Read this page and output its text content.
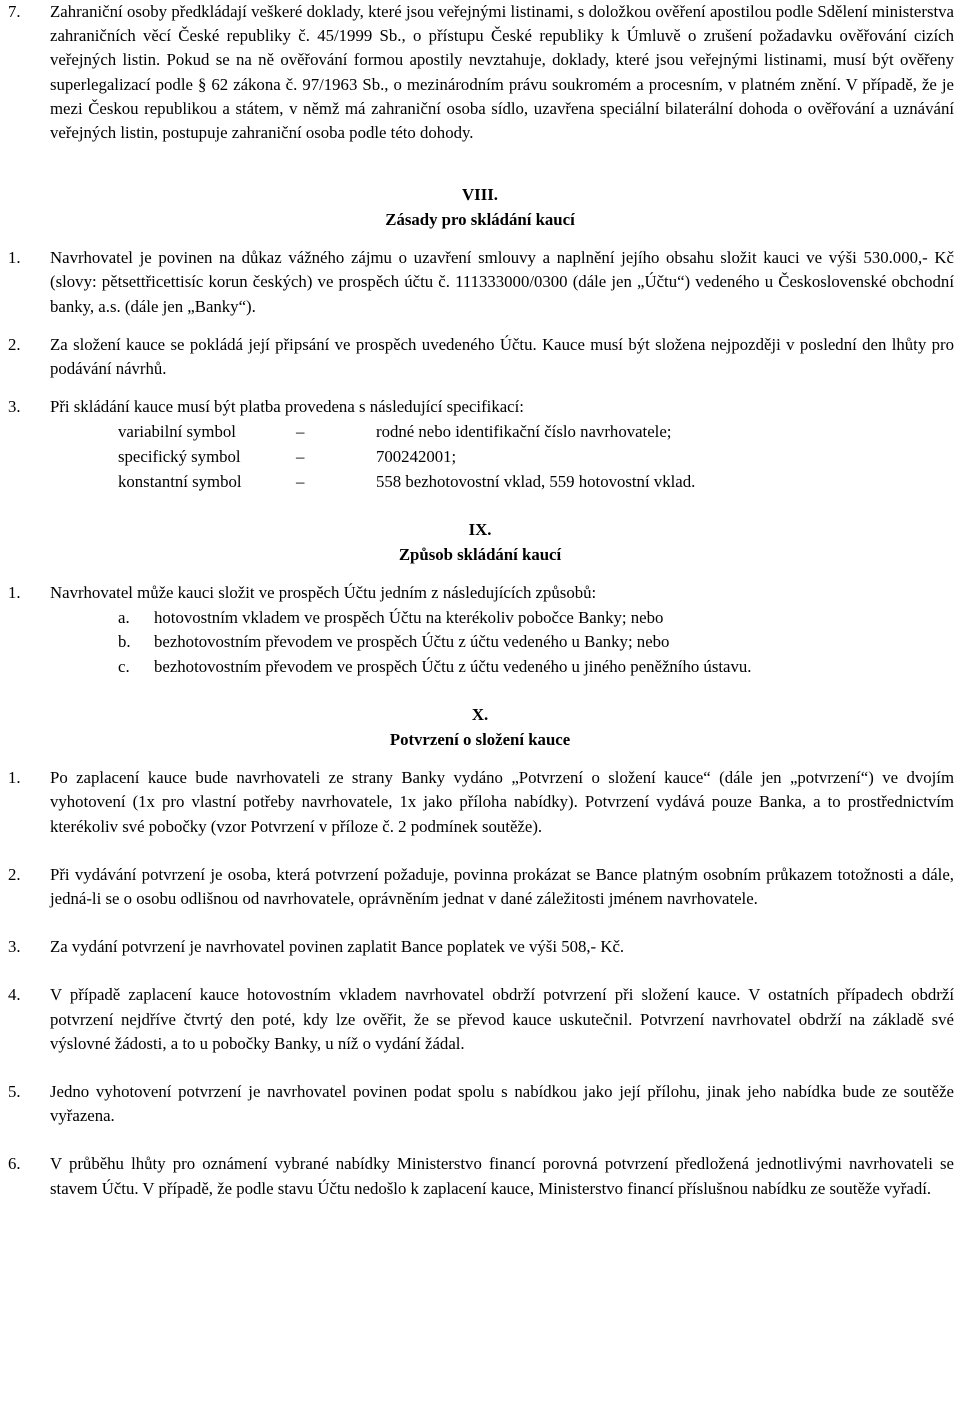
7.	Zahraniční osoby předkládají veškeré doklady, které jsou veřejnými listinami, s doložkou ověření apostilou podle Sdělení ministerstva zahraničních věcí České republiky č. 45/1999 Sb., o přístupu České republiky k Úmluvě o zrušení požadavku ověřování cizích veřejných listin. Pokud se na ně ověřování formou apostily nevztahuje, doklady, které jsou veřejnými listinami, musí být ověřeny superlegalizací podle § 62 zákona č. 97/1963 Sb., o mezinárodním právu soukromém a procesním, v platném znění. V případě, že je mezi Českou republikou a státem, v němž má zahraniční osoba sídlo, uzavřena speciální bilaterální dohoda o ověřování a uznávání veřejných listin, postupuje zahraniční osoba podle této dohody.
VIII.
Zásady pro skládání kaucí
1.	Navrhovatel je povinen na důkaz vážného zájmu o uzavření smlouvy a naplnění jejího obsahu složit kauci ve výši 530.000,- Kč (slovy: pětsettřicettisíc korun českých) ve prospěch účtu č. 111333000/0300 (dále jen „Účtu“) vedeného u Československé obchodní banky, a.s. (dále jen „Banky“).
2.	Za složení kauce se pokládá její připsání ve prospěch uvedeného Účtu. Kauce musí být složena nejpozději v poslední den lhůty pro podávání návrhů.
3.	Při skládání kauce musí být platba provedena s následující specifikací:
variabilní symbol	–	rodné nebo identifikační číslo navrhovatele;
specifický symbol	–	700242001;
konstantní symbol	–	558 bezhotovostní vklad, 559 hotovostní vklad.
IX.
Způsob skládání kaucí
1.	Navrhovatel může kauci složit ve prospěch Účtu jedním z následujících způsobů:
a.	hotovostním vkladem ve prospěch Účtu na kterékoliv pobočce Banky; nebo
b.	bezhotovostním převodem ve prospěch Účtu z účtu vedeného u Banky; nebo
c.	bezhotovostním převodem ve prospěch Účtu z účtu vedeného u jiného peněžního ústavu.
X.
Potvrzení o složení kauce
1.	Po zaplacení kauce bude navrhovateli ze strany Banky vydáno „Potvrzení o složení kauce“ (dále jen „potvrzení“) ve dvojím vyhotovení (1x pro vlastní potřeby navrhovatele, 1x jako příloha nabídky). Potvrzení vydává pouze Banka, a to prostřednictvím kterékoliv své pobočky (vzor Potvrzení v příloze č. 2 podmínek soutěže).
2.	Při vydávání potvrzení je osoba, která potvrzení požaduje, povinna prokázat se Bance platným osobním průkazem totožnosti a dále, jedná-li se o osobu odlišnou od navrhovatele, oprávněním jednat v dané záležitosti jménem navrhovatele.
3.	Za vydání potvrzení je navrhovatel povinen zaplatit Bance poplatek ve výši 508,- Kč.
4.	V případě zaplacení kauce hotovostním vkladem navrhovatel obdrží potvrzení při složení kauce. V ostatních případech obdrží potvrzení nejdříve čtvrtý den poté, kdy lze ověřit, že se převod kauce uskutečnil. Potvrzení navrhovatel obdrží na základě své výslovné žádosti, a to u pobočky Banky, u níž o vydání žádal.
5.	Jedno vyhotovení potvrzení je navrhovatel povinen podat spolu s nabídkou jako její přílohu, jinak jeho nabídka bude ze soutěže vyřazena.
6.	V průběhu lhůty pro oznámení vybrané nabídky Ministerstvo financí porovná potvrzení předložená jednotlivými navrhovateli se stavem Účtu. V případě, že podle stavu Účtu nedošlo k zaplacení kauce, Ministerstvo financí příslušnou nabídku ze soutěže vyřadí.
